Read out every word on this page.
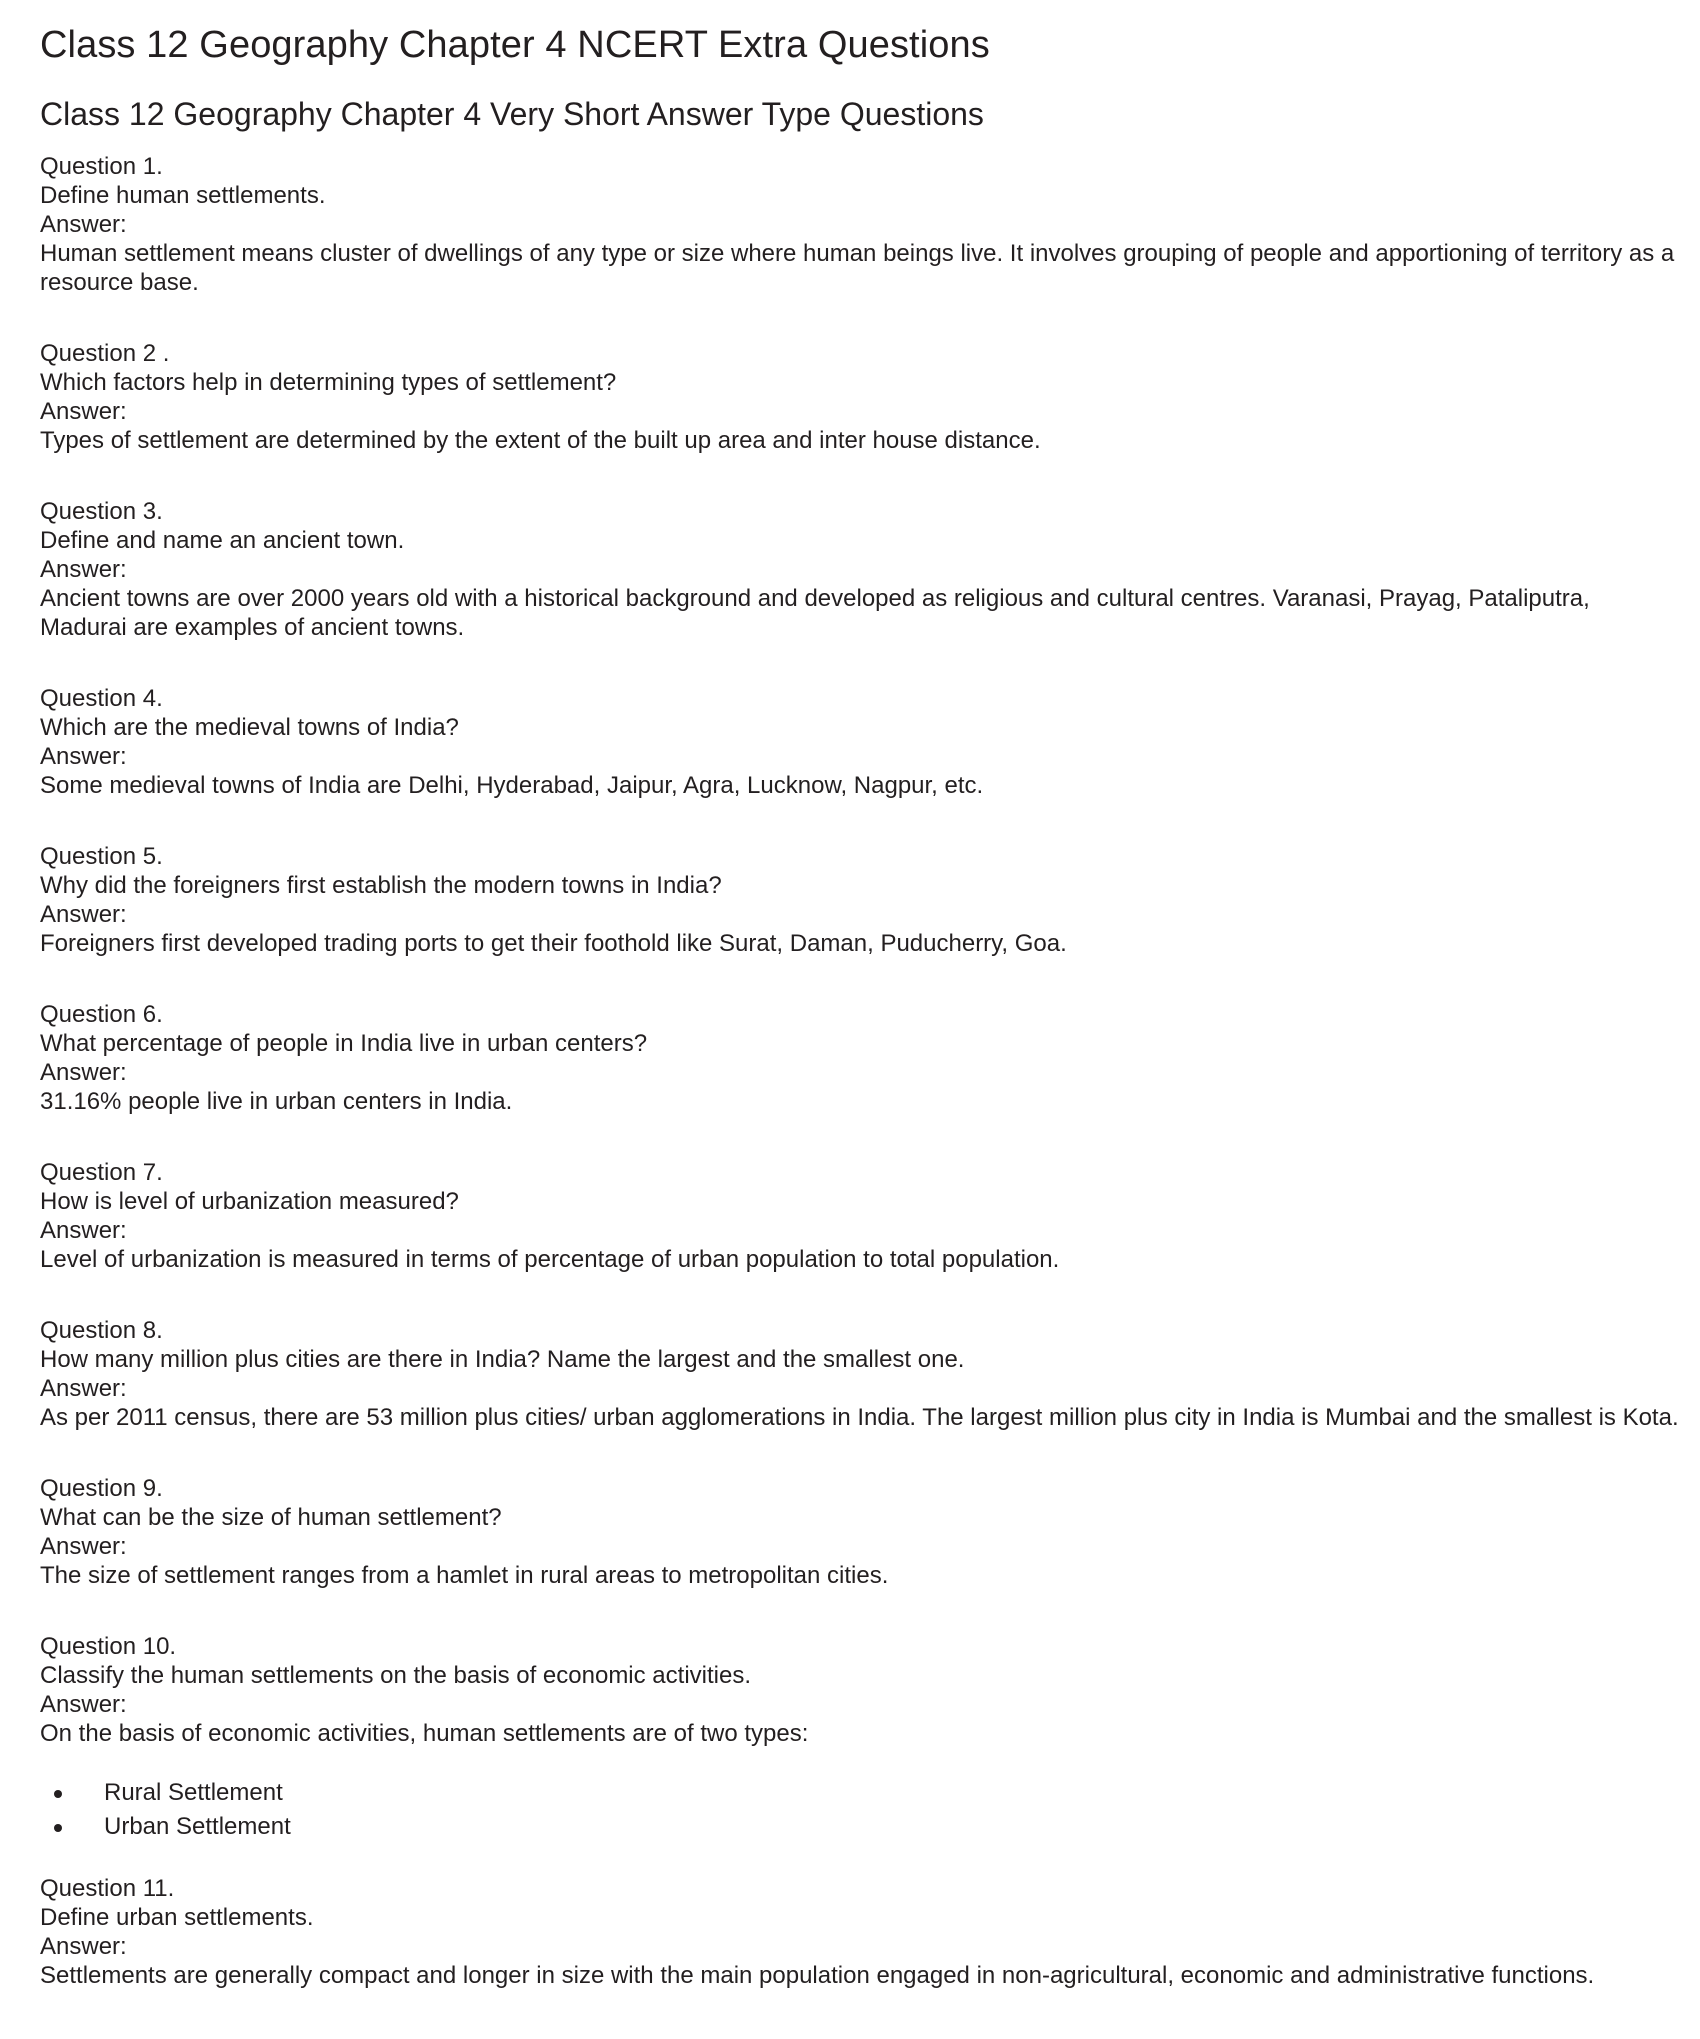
Class 12 Geography Chapter 4 NCERT Extra Questions
Class 12 Geography Chapter 4 Very Short Answer Type Questions
Question 1.
Define human settlements.
Answer:
Human settlement means cluster of dwellings of any type or size where human beings live. It involves grouping of people and apportioning of territory as a resource base.
Question 2 .
Which factors help in determining types of settlement?
Answer:
Types of settlement are determined by the extent of the built up area and inter house distance.
Question 3.
Define and name an ancient town.
Answer:
Ancient towns are over 2000 years old with a historical background and developed as religious and cultural centres. Varanasi, Prayag, Pataliputra, Madurai are examples of ancient towns.
Question 4.
Which are the medieval towns of India?
Answer:
Some medieval towns of India are Delhi, Hyderabad, Jaipur, Agra, Lucknow, Nagpur, etc.
Question 5.
Why did the foreigners first establish the modern towns in India?
Answer:
Foreigners first developed trading ports to get their foothold like Surat, Daman, Puducherry, Goa.
Question 6.
What percentage of people in India live in urban centers?
Answer:
31.16% people live in urban centers in India.
Question 7.
How is level of urbanization measured?
Answer:
Level of urbanization is measured in terms of percentage of urban population to total population.
Question 8.
How many million plus cities are there in India? Name the largest and the smallest one.
Answer:
As per 2011 census, there are 53 million plus cities/ urban agglomerations in India. The largest million plus city in India is Mumbai and the smallest is Kota.
Question 9.
What can be the size of human settlement?
Answer:
The size of settlement ranges from a hamlet in rural areas to metropolitan cities.
Question 10.
Classify the human settlements on the basis of economic activities.
Answer:
On the basis of economic activities, human settlements are of two types:
Rural Settlement
Urban Settlement
Question 11.
Define urban settlements.
Answer:
Settlements are generally compact and longer in size with the main population engaged in non-agricultural, economic and administrative functions.
